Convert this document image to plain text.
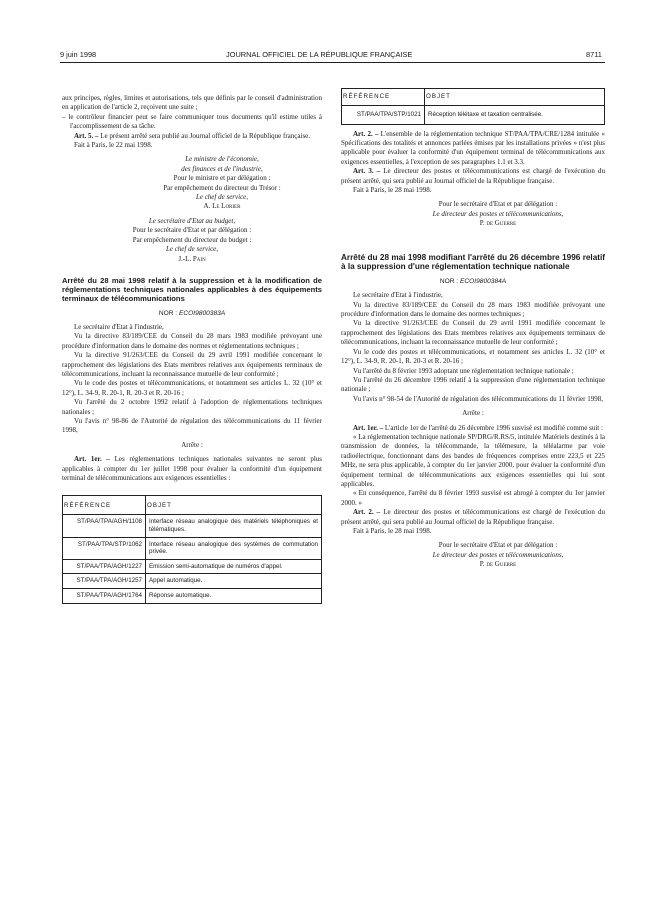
9 juin 1998	JOURNAL OFFICIEL DE LA RÉPUBLIQUE FRANÇAISE	8711

aux principes, règles, limites et autorisations, tels que définis par le conseil d'administration en application de l'article 2, reçoivent une suite ;

– le contrôleur financier peut se faire communiquer tous documents qu'il estime utiles à l'accomplissement de sa tâche.

Art. 5. – Le présent arrêté sera publié au Journal officiel de la République française.

Fait à Paris, le 22 mai 1998.

Le ministre de l'économie,

des finances et de l'industrie,

Pour le ministre et par délégation :

Par empêchement du directeur du Trésor :

Le chef de service,

A. Le Lorier

Le secrétaire d'Etat au budget,

Pour le secrétaire d'Etat et par délégation :

Par empêchement du directeur du budget :

Le chef de service,

J.-L. Pain

Arrêté du 28 mai 1998 relatif à la suppression et à la modification de réglementations techniques nationales applicables à des équipements terminaux de télécommunications

NOR : ECOI9800383A

Le secrétaire d'Etat à l'industrie,

Vu la directive 83/189/CEE du Conseil du 28 mars 1983 modifiée prévoyant une procédure d'information dans le domaine des normes et réglementations techniques ;

Vu la directive 91/263/CEE du Conseil du 29 avril 1991 modifiée concernant le rapprochement des législations des Etats membres relatives aux équipements terminaux de télécommunications, incluant la reconnaissance mutuelle de leur conformité ;

Vu le code des postes et télécommunications, et notamment ses articles L. 32 (10° et 12°), L. 34-9, R. 20-1, R. 20-3 et R. 20-16 ;

Vu l'arrêté du 2 octobre 1992 relatif à l'adoption de réglementations techniques nationales ;

Vu l'avis n° 98-86 de l'Autorité de régulation des télécommunications du 11 février 1998,

Arrête :

Art. 1er. – Les réglementations techniques nationales suivantes ne seront plus applicables à compter du 1er juillet 1998 pour évaluer la conformité d'un équipement terminal de télécommunications aux exigences essentielles :

RÉFÉRENCE	OBJET
ST/PAA/TPA/AGH/1108	Interface réseau analogique des matériels téléphoniques et télématiques.
ST/PAA/TPA/STP/1062	Interface réseau analogique des systèmes de commutation privée.
ST/PAA/TPA/AGH/1227	Emission semi-automatique de numéros d'appel.
ST/PAA/TPA/AGH/1257	Appel automatique.
ST/PAA/TPA/AGH/1764	Réponse automatique.
RÉFÉRENCE	OBJET
ST/PAA/TPA/STP/1021	Réception télétaxe et taxation centralisée.

Art. 2. – L'ensemble de la réglementation technique ST/PAA/TPA/CRE/1284 intitulée « Spécifications des totalités et annonces parlées émises par les installations privées » n'est plus applicable pour évaluer la conformité d'un équipement terminal de télécommunications aux exigences essentielles, à l'exception de ses paragraphes 1.1 et 3.3.

Art. 3. – Le directeur des postes et télécommunications est chargé de l'exécution du présent arrêté, qui sera publié au Journal officiel de la République française.

Fait à Paris, le 28 mai 1998.

Pour le secrétaire d'Etat et par délégation :

Le directeur des postes et télécommunications,

P. de Guerre

Arrêté du 28 mai 1998 modifiant l'arrêté du 26 décembre 1996 relatif à la suppression d'une réglementation technique nationale

NOR : ECOI9800384A

Le secrétaire d'Etat à l'industrie,

Vu la directive 83/189/CEE du Conseil du 28 mars 1983 modifiée prévoyant une procédure d'information dans le domaine des normes techniques ;

Vu la directive 91/263/CEE du Conseil du 29 avril 1991 modifiée concernant le rapprochement des législations des Etats membres relatives aux équipements terminaux de télécommunications, incluant la reconnaissance mutuelle de leur conformité ;

Vu le code des postes et télécommunications, et notamment ses articles L. 32 (10° et 12°), L. 34-9, R. 20-1, R. 20-3 et R. 20-16 ;

Vu l'arrêté du 8 février 1993 adoptant une réglementation technique nationale ;

Vu l'arrêté du 26 décembre 1996 relatif à la suppression d'une réglementation technique nationale ;

Vu l'avis n° 98-54 de l'Autorité de régulation des télécommunications du 11 février 1998,

Arrête :

Art. 1er. – L'article 1er de l'arrêté du 26 décembre 1996 susvisé est modifié comme suit :

« La réglementation technique nationale SP/DRG/R.RS/5, intitulée Matériels destinés à la transmission de données, la télécommande, la télémesure, la téléalarme par voie radioélectrique, fonctionnant dans des bandes de fréquences comprises entre 223,5 et 225 MHz, ne sera plus applicable, à compter du 1er janvier 2000, pour évaluer la conformité d'un équipement terminal de télécommunications aux exigences essentielles qui lui sont applicables.

« En conséquence, l'arrêté du 8 février 1993 susvisé est abrogé à compter du 1er janvier 2000. »

Art. 2. – Le directeur des postes et télécommunications est chargé de l'exécution du présent arrêté, qui sera publié au Journal officiel de la République française.

Fait à Paris, le 28 mai 1998.

Pour le secrétaire d'Etat et par délégation :

Le directeur des postes et télécommunications,

P. de Guerre
